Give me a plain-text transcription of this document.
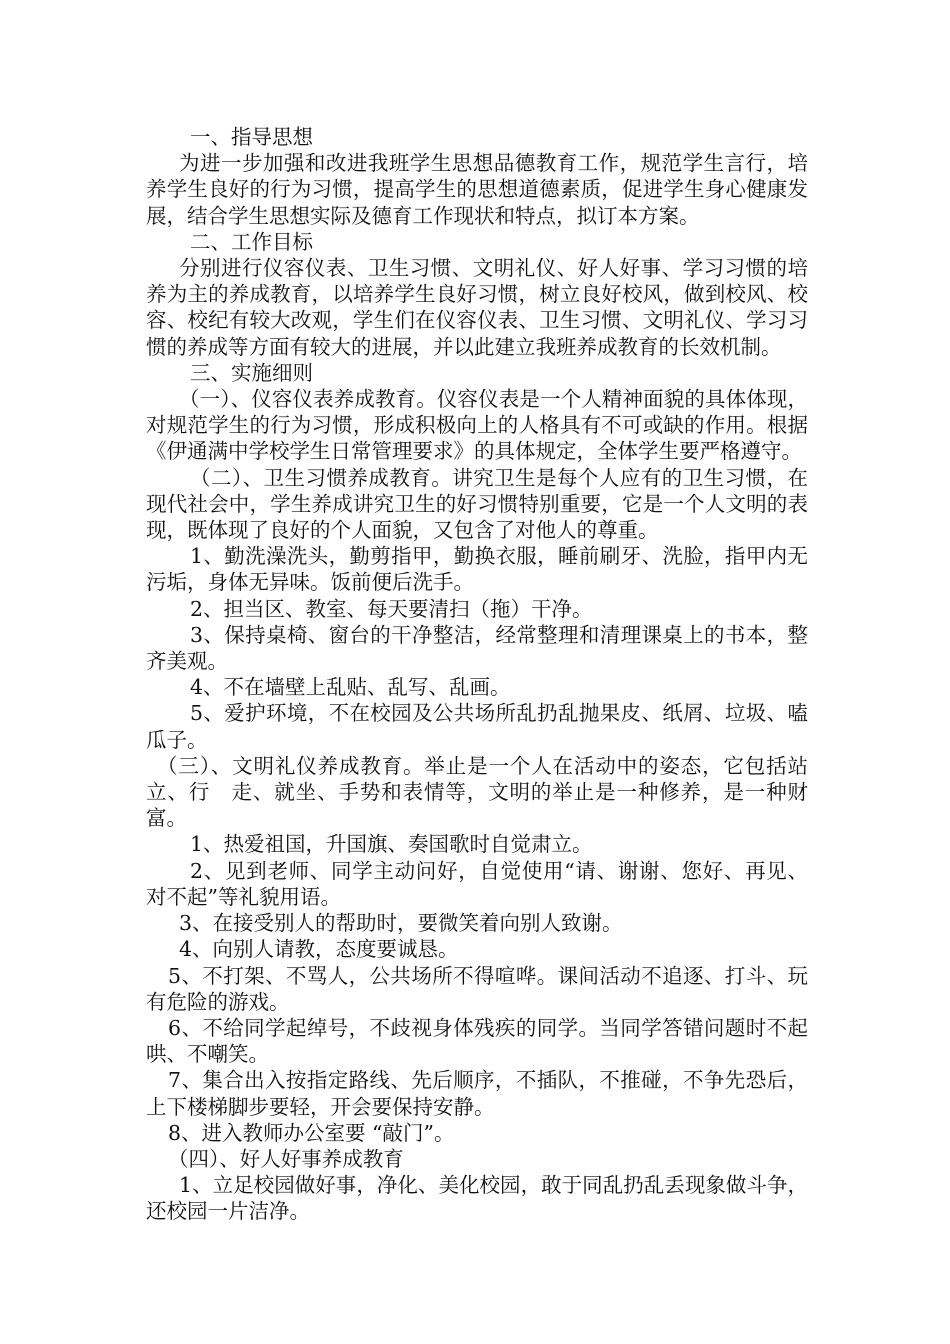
一、指导思想

为进一步加强和改进我班学生思想品德教育工作，规范学生言行，培养学生良好的行为习惯，提高学生的思想道德素质，促进学生身心健康发展，结合学生思想实际及德育工作现状和特点，拟订本方案。

二、工作目标

分别进行仪容仪表、卫生习惯、文明礼仪、好人好事、学习习惯的培养为主的养成教育，以培养学生良好习惯，树立良好校风，做到校风、校容、校纪有较大改观，学生们在仪容仪表、卫生习惯、文明礼仪、学习习惯的养成等方面有较大的进展，并以此建立我班养成教育的长效机制。

三、实施细则

（一）、仪容仪表养成教育。仪容仪表是一个人精神面貌的具体体现，对规范学生的行为习惯，形成积极向上的人格具有不可或缺的作用。根据《伊通满中学校学生日常管理要求》的具体规定，全体学生要严格遵守。

（二）、卫生习惯养成教育。讲究卫生是每个人应有的卫生习惯，在现代社会中，学生养成讲究卫生的好习惯特别重要，它是一个人文明的表现，既体现了良好的个人面貌，又包含了对他人的尊重。

1、勤洗澡洗头，勤剪指甲，勤换衣服，睡前刷牙、洗脸，指甲内无污垢，身体无异味。饭前便后洗手。

2、担当区、教室、每天要清扫（拖）干净。

3、保持桌椅、窗台的干净整洁，经常整理和清理课桌上的书本，整齐美观。

4、不在墙壁上乱贴、乱写、乱画。

5、爱护环境，不在校园及公共场所乱扔乱抛果皮、纸屑、垃圾、嗑瓜子。

（三）、文明礼仪养成教育。举止是一个人在活动中的姿态，它包括站立、行　走、就坐、手势和表情等，文明的举止是一种修养，是一种财富。

1、热爱祖国，升国旗、奏国歌时自觉肃立。

2、见到老师、同学主动问好，自觉使用“请、谢谢、您好、再见、对不起”等礼貌用语。

3、在接受别人的帮助时，要微笑着向别人致谢。

4、向别人请教，态度要诚恳。

5、不打架、不骂人，公共场所不得喧哗。课间活动不追逐、打斗、玩有危险的游戏。

6、不给同学起绰号，不歧视身体残疾的同学。当同学答错问题时不起哄、不嘲笑。

7、集合出入按指定路线、先后顺序，不插队，不推碰，不争先恐后，上下楼梯脚步要轻，开会要保持安静。

8、进入教师办公室要 “敲门”。

（四）、好人好事养成教育

1、立足校园做好事，净化、美化校园，敢于同乱扔乱丢现象做斗争，还校园一片洁净。
